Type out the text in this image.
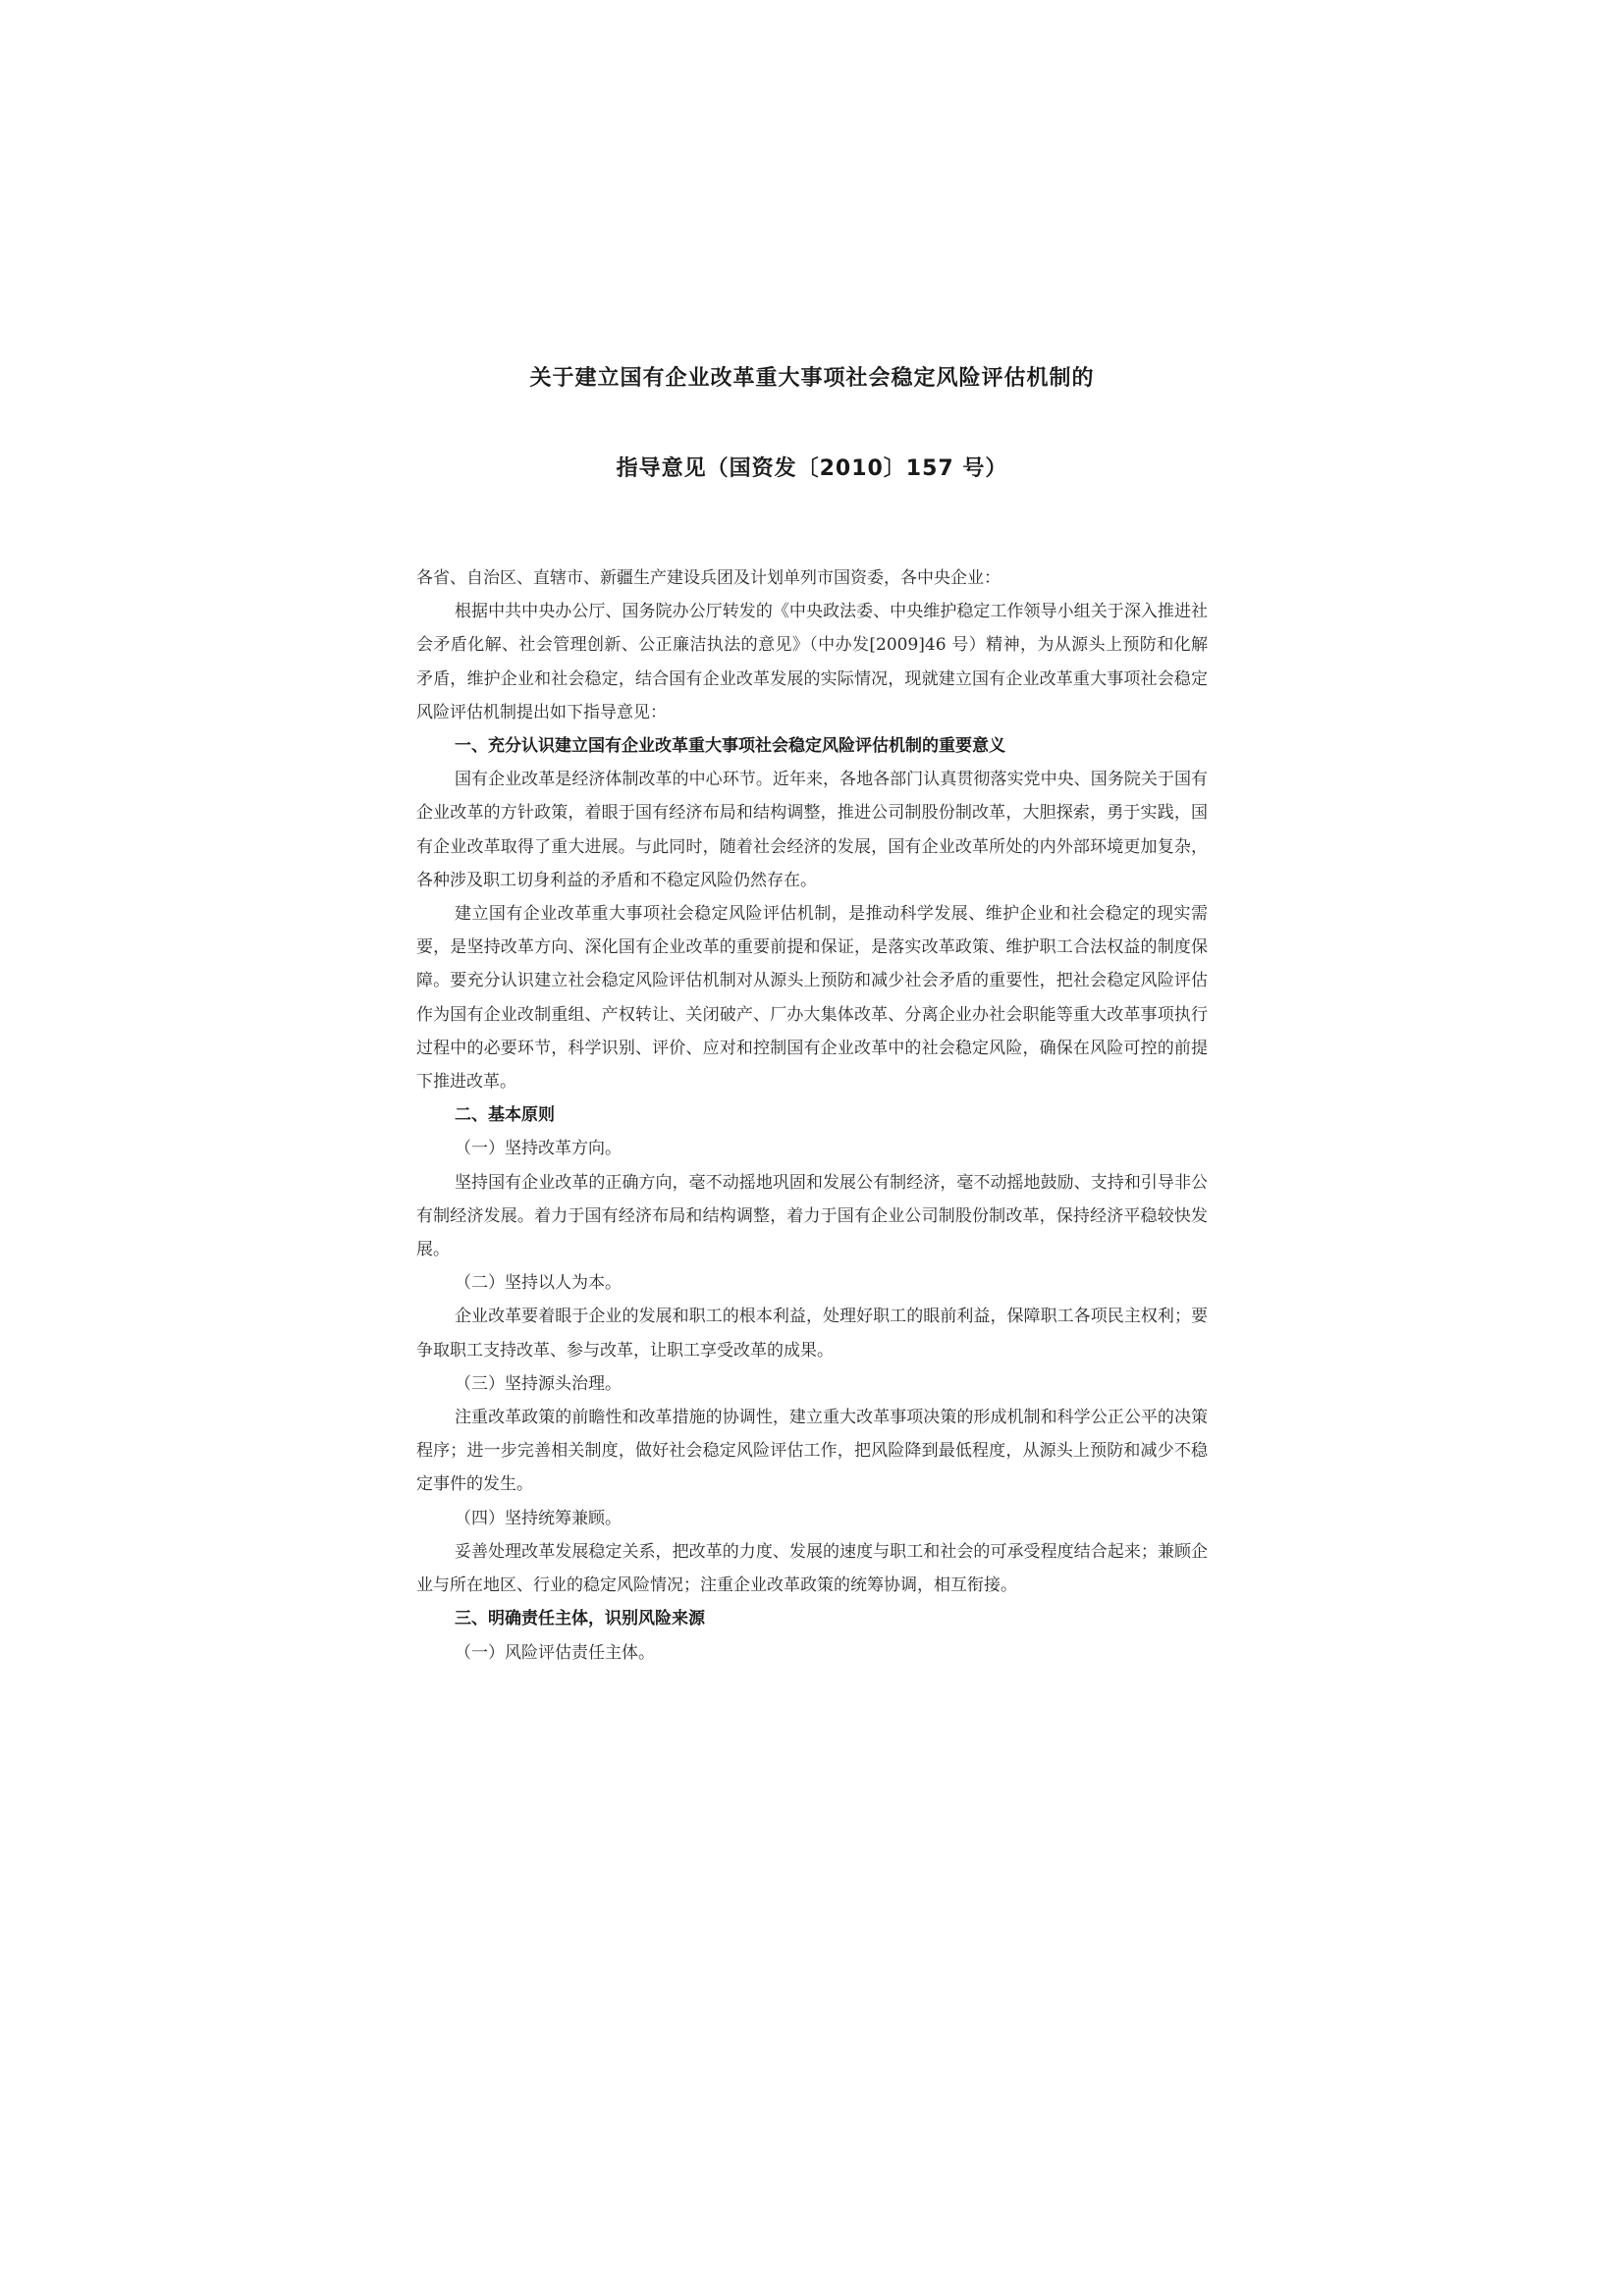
关于建立国有企业改革重大事项社会稳定风险评估机制的
指导意见（国资发〔2010〕157 号）

各省、自治区、直辖市、新疆生产建设兵团及计划单列市国资委，各中央企业：

根据中共中央办公厅、国务院办公厅转发的《中央政法委、中央维护稳定工作领导小组关于深入推进社会矛盾化解、社会管理创新、公正廉洁执法的意见》（中办发[2009]46 号）精神，为从源头上预防和化解矛盾，维护企业和社会稳定，结合国有企业改革发展的实际情况，现就建立国有企业改革重大事项社会稳定风险评估机制提出如下指导意见：

一、充分认识建立国有企业改革重大事项社会稳定风险评估机制的重要意义

国有企业改革是经济体制改革的中心环节。近年来，各地各部门认真贯彻落实党中央、国务院关于国有企业改革的方针政策，着眼于国有经济布局和结构调整，推进公司制股份制改革，大胆探索，勇于实践，国有企业改革取得了重大进展。与此同时，随着社会经济的发展，国有企业改革所处的内外部环境更加复杂，各种涉及职工切身利益的矛盾和不稳定风险仍然存在。

建立国有企业改革重大事项社会稳定风险评估机制，是推动科学发展、维护企业和社会稳定的现实需要，是坚持改革方向、深化国有企业改革的重要前提和保证，是落实改革政策、维护职工合法权益的制度保障。要充分认识建立社会稳定风险评估机制对从源头上预防和减少社会矛盾的重要性，把社会稳定风险评估作为国有企业改制重组、产权转让、关闭破产、厂办大集体改革、分离企业办社会职能等重大改革事项执行过程中的必要环节，科学识别、评价、应对和控制国有企业改革中的社会稳定风险，确保在风险可控的前提下推进改革。

二、基本原则

（一）坚持改革方向。

坚持国有企业改革的正确方向，毫不动摇地巩固和发展公有制经济，毫不动摇地鼓励、支持和引导非公有制经济发展。着力于国有经济布局和结构调整，着力于国有企业公司制股份制改革，保持经济平稳较快发展。

（二）坚持以人为本。

企业改革要着眼于企业的发展和职工的根本利益，处理好职工的眼前利益，保障职工各项民主权利；要争取职工支持改革、参与改革，让职工享受改革的成果。

（三）坚持源头治理。

注重改革政策的前瞻性和改革措施的协调性，建立重大改革事项决策的形成机制和科学公正公平的决策程序；进一步完善相关制度，做好社会稳定风险评估工作，把风险降到最低程度，从源头上预防和减少不稳定事件的发生。

（四）坚持统筹兼顾。

妥善处理改革发展稳定关系，把改革的力度、发展的速度与职工和社会的可承受程度结合起来；兼顾企业与所在地区、行业的稳定风险情况；注重企业改革政策的统筹协调，相互衔接。

三、明确责任主体，识别风险来源

（一）风险评估责任主体。
